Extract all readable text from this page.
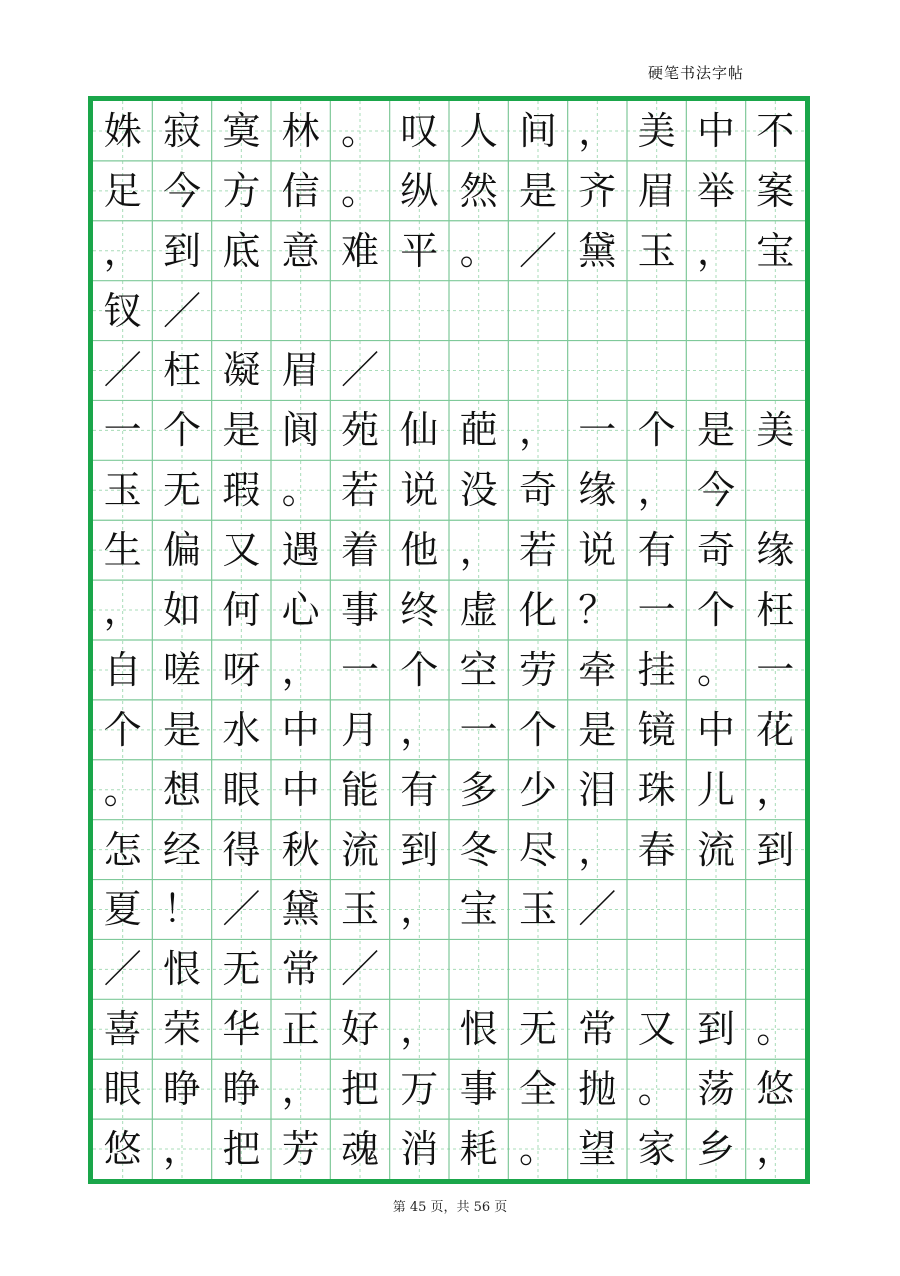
硬笔书法字帖
姝 寂 寞 林 。 叹 人 间 ， 美 中 不
足 今 方 信 。 纵 然 是 齐 眉 举 案
， 到 底 意 难 平 。 ／ 黛 玉 ， 宝
钗 ／
／ 枉 凝 眉 ／
一 个 是 阆 苑 仙 葩 ， 一 个 是 美
玉 无 瑕 。 若 说 没 奇 缘 ， 今
生 偏 又 遇 着 他 ， 若 说 有 奇 缘
， 如 何 心 事 终 虚 化 ？ 一 个 枉
自 嗟 呀 ， 一 个 空 劳 牵 挂 。 一
个 是 水 中 月 ， 一 个 是 镜 中 花
。 想 眼 中 能 有 多 少 泪 珠 儿 ，
怎 经 得 秋 流 到 冬 尽 ， 春 流 到
夏 ！ ／ 黛 玉 ， 宝 玉 ／
／ 恨 无 常 ／
喜 荣 华 正 好 ， 恨 无 常 又 到 。
眼 睁 睁 ， 把 万 事 全 抛 。 荡 悠
悠 ， 把 芳 魂 消 耗 。 望 家 乡 ，
第 45 页，共 56 页
